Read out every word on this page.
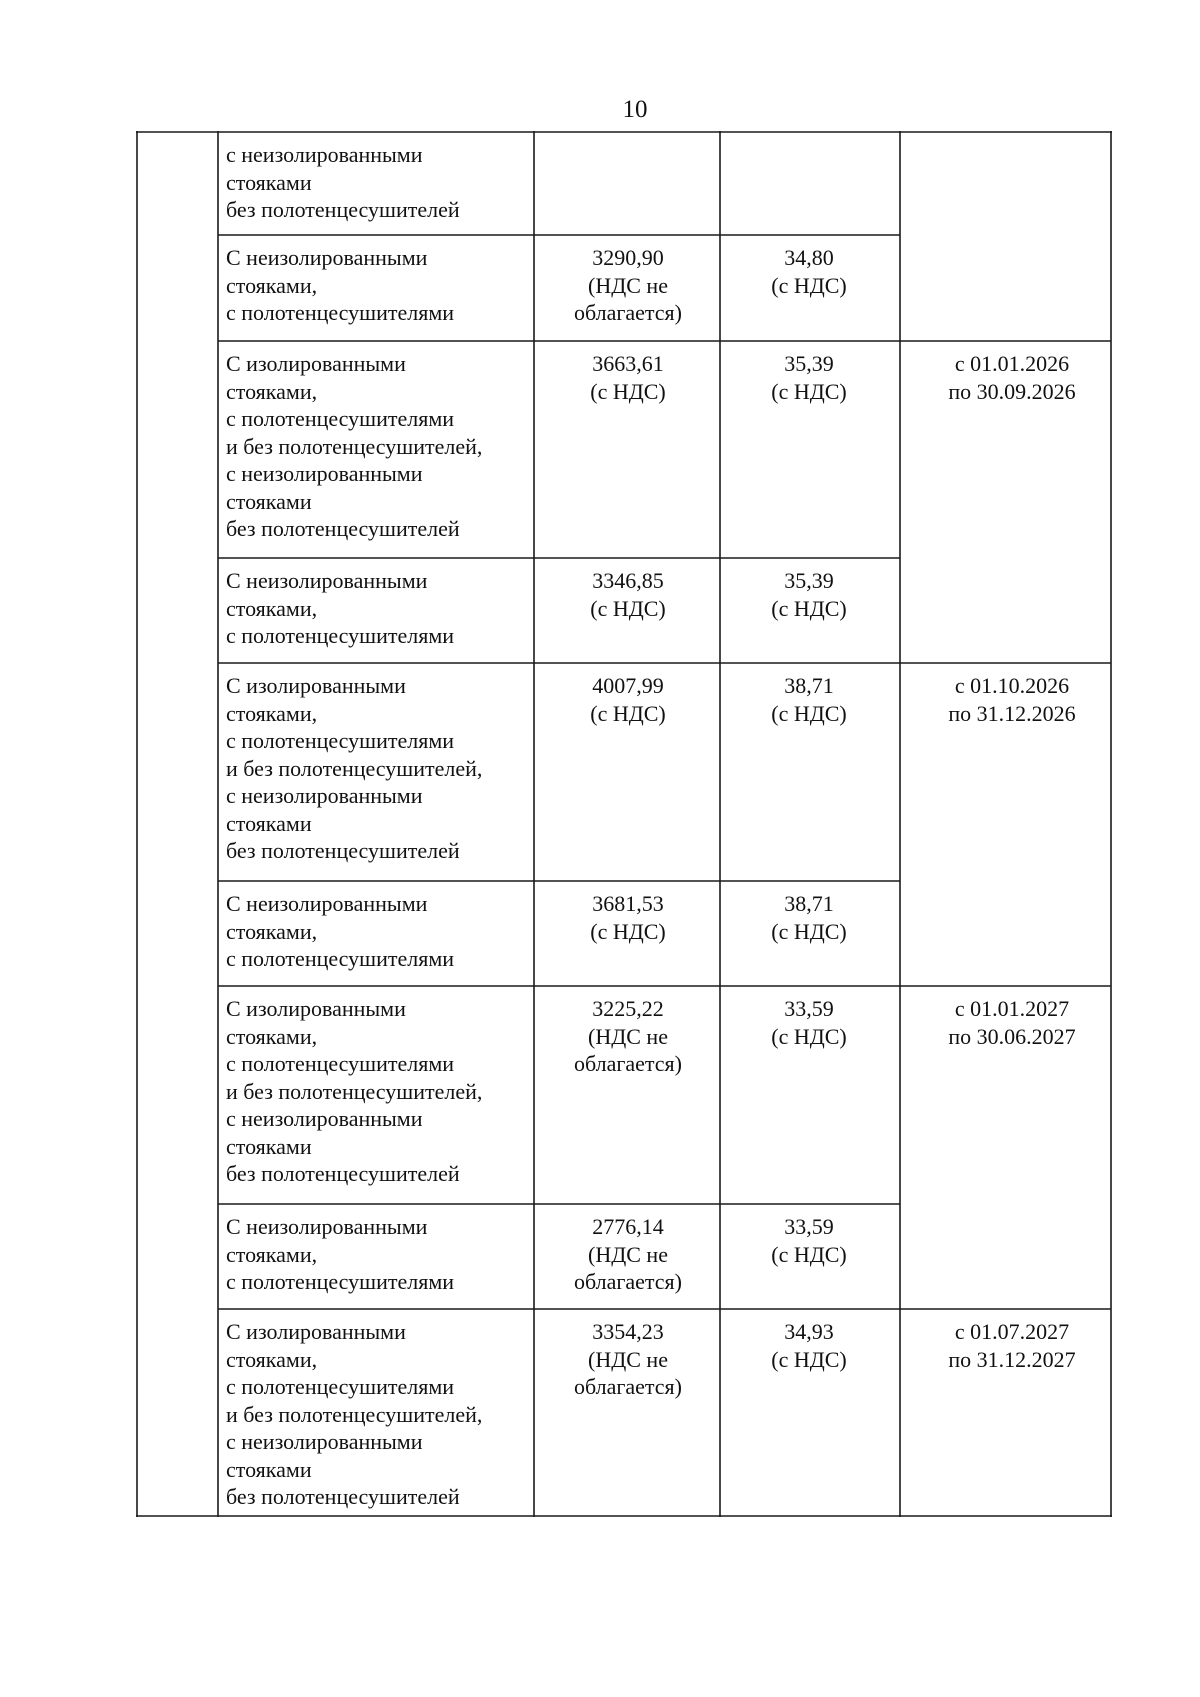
10
с неизолированными
стояками
без полотенцесушителей
С неизолированными
стояками,
с полотенцесушителями
3290,90
(НДС не
облагается)
34,80
(с НДС)
С изолированными
стояками,
с полотенцесушителями
и без полотенцесушителей,
с неизолированными
стояками
без полотенцесушителей
3663,61
(с НДС)
35,39
(с НДС)
с 01.01.2026
по 30.09.2026
С неизолированными
стояками,
с полотенцесушителями
3346,85
(с НДС)
35,39
(с НДС)
С изолированными
стояками,
с полотенцесушителями
и без полотенцесушителей,
с неизолированными
стояками
без полотенцесушителей
4007,99
(с НДС)
38,71
(с НДС)
с 01.10.2026
по 31.12.2026
С неизолированными
стояками,
с полотенцесушителями
3681,53
(с НДС)
38,71
(с НДС)
С изолированными
стояками,
с полотенцесушителями
и без полотенцесушителей,
с неизолированными
стояками
без полотенцесушителей
3225,22
(НДС не
облагается)
33,59
(с НДС)
с 01.01.2027
по 30.06.2027
С неизолированными
стояками,
с полотенцесушителями
2776,14
(НДС не
облагается)
33,59
(с НДС)
С изолированными
стояками,
с полотенцесушителями
и без полотенцесушителей,
с неизолированными
стояками
без полотенцесушителей
3354,23
(НДС не
облагается)
34,93
(с НДС)
с 01.07.2027
по 31.12.2027
